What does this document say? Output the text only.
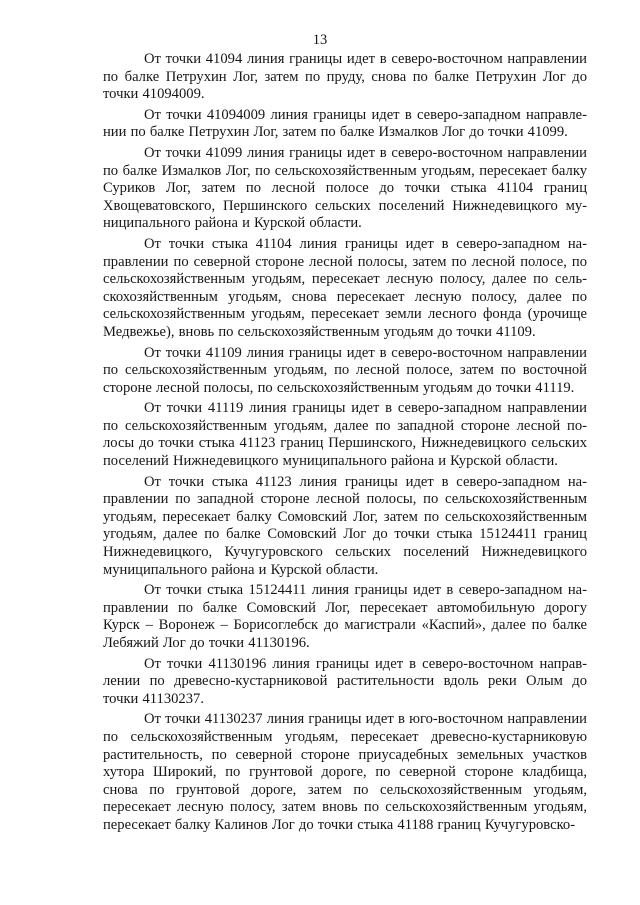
13

От точки 41094 линия границы идет в северо-восточном направлении по балке Петрухин Лог, затем по пруду, снова по балке Петрухин Лог до точки 41094009.

От точки 41094009 линия границы идет в северо-западном направлении по балке Петрухин Лог, затем по балке Измалков Лог до точки 41099.

От точки 41099 линия границы идет в северо-восточном направлении по балке Измалков Лог, по сельскохозяйственным угодьям, пересекает балку Суриков Лог, затем по лесной полосе до точки стыка 41104 границ Хвощеватовского, Першинского сельских поселений Нижнедевицкого муниципального района и Курской области.

От точки стыка 41104 линия границы идет в северо-западном направлении по северной стороне лесной полосы, затем по лесной полосе, по сельскохозяйственным угодьям, пересекает лесную полосу, далее по сельскохозяйственным угодьям, снова пересекает лесную полосу, далее по сельскохозяйственным угодьям, пересекает земли лесного фонда (урочище Медвежье), вновь по сельскохозяйственным угодьям до точки 41109.

От точки 41109 линия границы идет в северо-восточном направлении по сельскохозяйственным угодьям, по лесной полосе, затем по восточной стороне лесной полосы, по сельскохозяйственным угодьям до точки 41119.

От точки 41119 линия границы идет в северо-западном направлении по сельскохозяйственным угодьям, далее по западной стороне лесной полосы до точки стыка 41123 границ Першинского, Нижнедевицкого сельских поселений Нижнедевицкого муниципального района и Курской области.

От точки стыка 41123 линия границы идет в северо-западном направлении по западной стороне лесной полосы, по сельскохозяйственным угодьям, пересекает балку Сомовский Лог, затем по сельскохозяйственным угодьям, далее по балке Сомовский Лог до точки стыка 15124411 границ Нижнедевицкого, Кучугуровского сельских поселений Нижнедевицкого муниципального района и Курской области.

От точки стыка 15124411 линия границы идет в северо-западном направлении по балке Сомовский Лог, пересекает автомобильную дорогу Курск – Воронеж – Борисоглебск до магистрали «Каспий», далее по балке Лебяжий Лог до точки 41130196.

От точки 41130196 линия границы идет в северо-восточном направлении по древесно-кустарниковой растительности вдоль реки Олым до точки 41130237.

От точки 41130237 линия границы идет в юго-восточном направлении по сельскохозяйственным угодьям, пересекает древесно-кустарниковую растительность, по северной стороне приусадебных земельных участков хутора Широкий, по грунтовой дороге, по северной стороне кладбища, снова по грунтовой дороге, затем по сельскохозяйственным угодьям, пересекает лесную полосу, затем вновь по сельскохозяйственным угодьям, пересекает балку Калинов Лог до точки стыка 41188 границ Кучугуровско-
